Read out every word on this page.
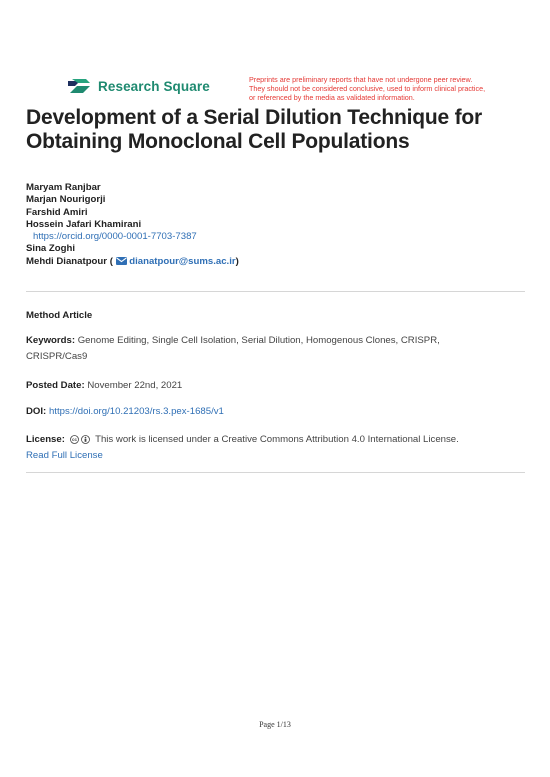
Research Square	Preprints are preliminary reports that have not undergone peer review.
They should not be considered conclusive, used to inform clinical practice,
or referenced by the media as validated information.
Development of a Serial Dilution Technique for Obtaining Monoclonal Cell Populations
Maryam Ranjbar
Marjan Nourigorji
Farshid Amiri
Hossein Jafari Khamirani
https://orcid.org/0000-0001-7703-7387
Sina Zoghi
Mehdi Dianatpour ( dianatpour@sums.ac.ir)
Method Article
Keywords: Genome Editing, Single Cell Isolation, Serial Dilution, Homogenous Clones, CRISPR,
CRISPR/Cas9
Posted Date: November 22nd, 2021
DOI: https://doi.org/10.21203/rs.3.pex-1685/v1
License: cc This work is licensed under a Creative Commons Attribution 4.0 International License.
Read Full License
Page 1/13
